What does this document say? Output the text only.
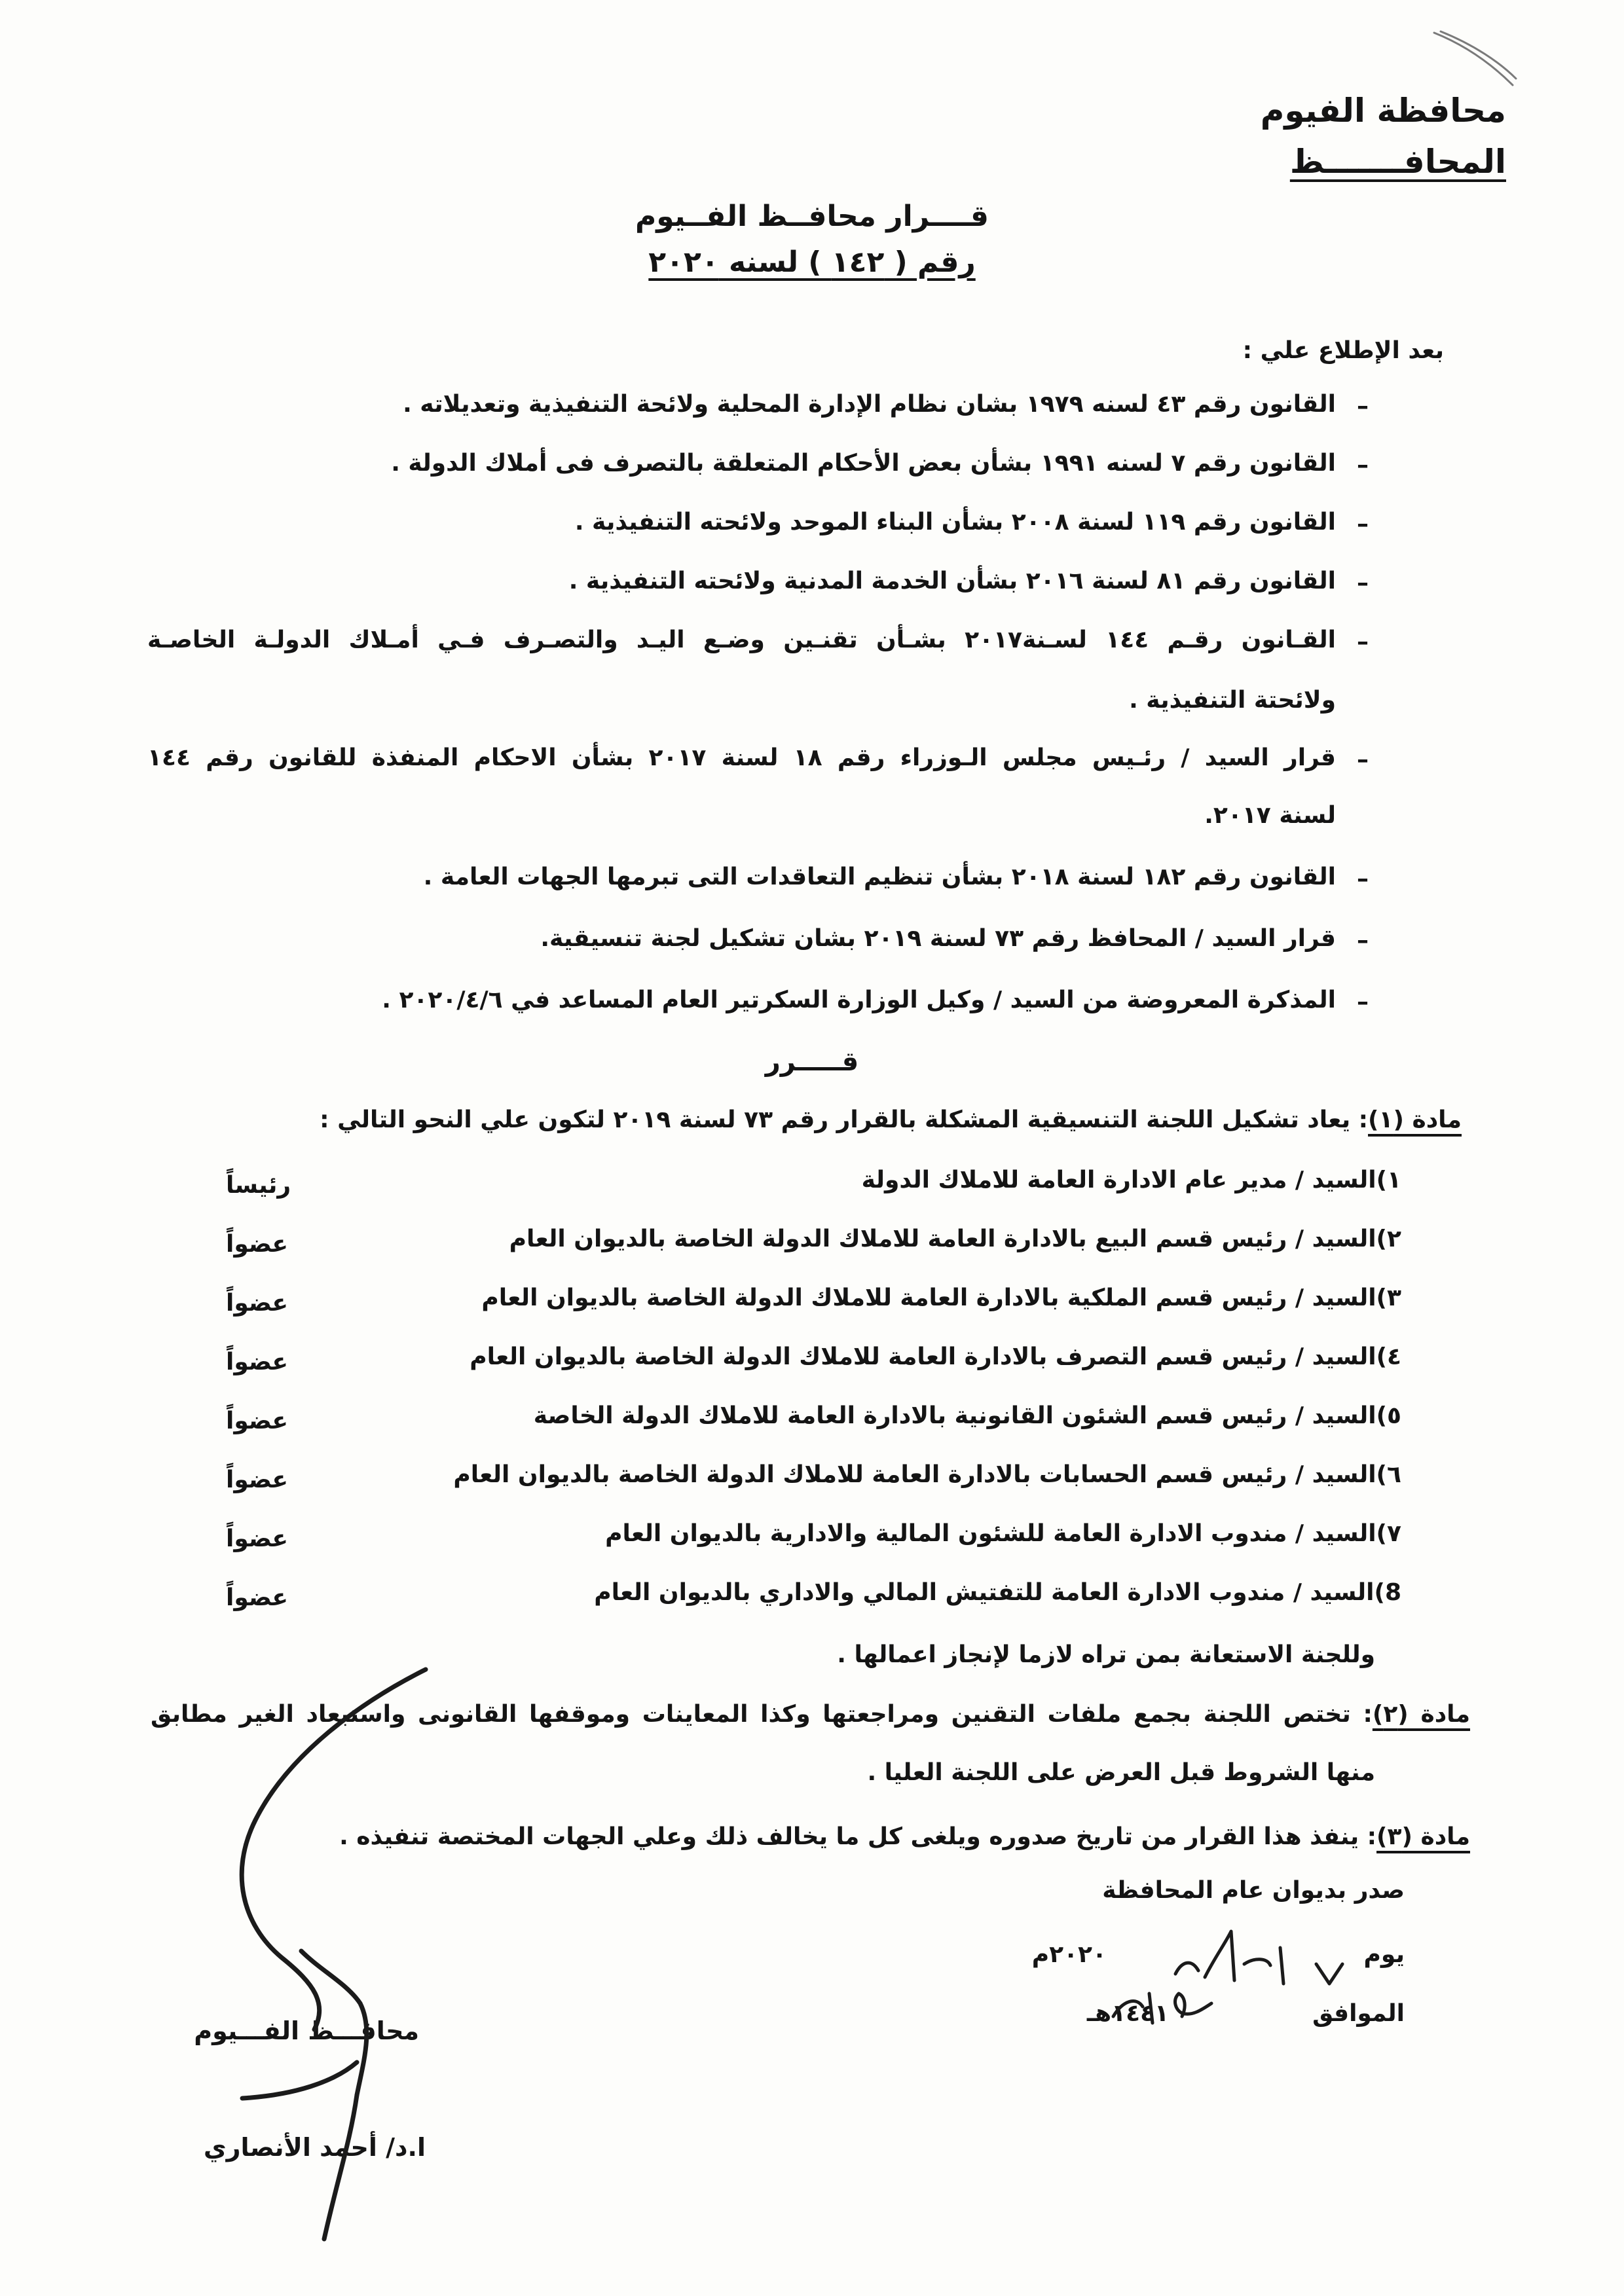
محافظة الفيوم
المحافـــــــظ
قــــرار محافــظ الفــيوم
رقم ( ١٤٢ ) لسنه ٢٠٢٠
بعد الإطلاع علي :
–
القانون رقم ٤٣ لسنه ١٩٧٩ بشان نظام الإدارة المحلية ولائحة التنفيذية وتعديلاته .
–
القانون رقم ٧ لسنه ١٩٩١ بشأن بعض الأحكام المتعلقة بالتصرف فى أملاك الدولة .
–
القانون رقم ١١٩ لسنة ٢٠٠٨ بشأن البناء الموحد ولائحته التنفيذية .
–
القانون رقم ٨١ لسنة ٢٠١٦ بشأن الخدمة المدنية ولائحته التنفيذية .
–
القـانون رقـم ١٤٤ لسـنة٢٠١٧ بشـأن تقنـين وضـع اليـد والتصـرف فـي أمـلاك الدولـة الخاصـة
ولائحتة التنفيذية .
–
قرار السيد / رئـيس مجلس الـوزراء رقم ١٨ لسنة ٢٠١٧ بشأن الاحكام المنفذة للقانون رقم ١٤٤
لسنة ٢٠١٧.
–
القانون رقم ١٨٢ لسنة ٢٠١٨ بشأن تنظيم التعاقدات التى تبرمها الجهات العامة .
–
قرار السيد / المحافظ رقم ٧٣ لسنة ٢٠١٩ بشان تشكيل لجنة تنسيقية.
–
المذكرة المعروضة من السيد / وكيل الوزارة السكرتير العام المساعد في ٢٠٢٠/٤/٦ .
قـــــرر
مادة (١): يعاد تشكيل اللجنة التنسيقية المشكلة بالقرار رقم ٧٣ لسنة ٢٠١٩ لتكون علي النحو التالي :
١)السيد / مدير عام الادارة العامة للاملاك الدولة
رئيساً
٢)السيد / رئيس قسم البيع بالادارة العامة للاملاك الدولة الخاصة بالديوان العام
عضواً
٣)السيد / رئيس قسم الملكية بالادارة العامة للاملاك الدولة الخاصة بالديوان العام
عضواً
٤)السيد / رئيس قسم التصرف بالادارة العامة للاملاك الدولة الخاصة بالديوان العام
عضواً
٥)السيد / رئيس قسم الشئون القانونية بالادارة العامة للاملاك الدولة الخاصة
عضواً
٦)السيد / رئيس قسم الحسابات بالادارة العامة للاملاك الدولة الخاصة بالديوان العام
عضواً
٧)السيد / مندوب الادارة العامة للشئون المالية والادارية بالديوان العام
عضواً
8)السيد / مندوب الادارة العامة للتفتيش المالي والاداري بالديوان العام
عضواً
وللجنة الاستعانة بمن تراه لازما لإنجاز اعمالها .
مادة (٢): تختص اللجنة بجمع ملفات التقنين ومراجعتها وكذا المعاينات وموقفها القانونى واستبعاد الغير مطابق
منها الشروط قبل العرض على اللجنة العليا .
مادة (٣): ينفذ هذا القرار من تاريخ صدوره ويلغى كل ما يخالف ذلك وعلي الجهات المختصة تنفيذه .
صدر بديوان عام المحافظة
يوم
٢٠٢٠م
الموافق
١٤٤١هـ
محافـــظ الفـــيوم
ا.د/ أحمد الأنصاري
